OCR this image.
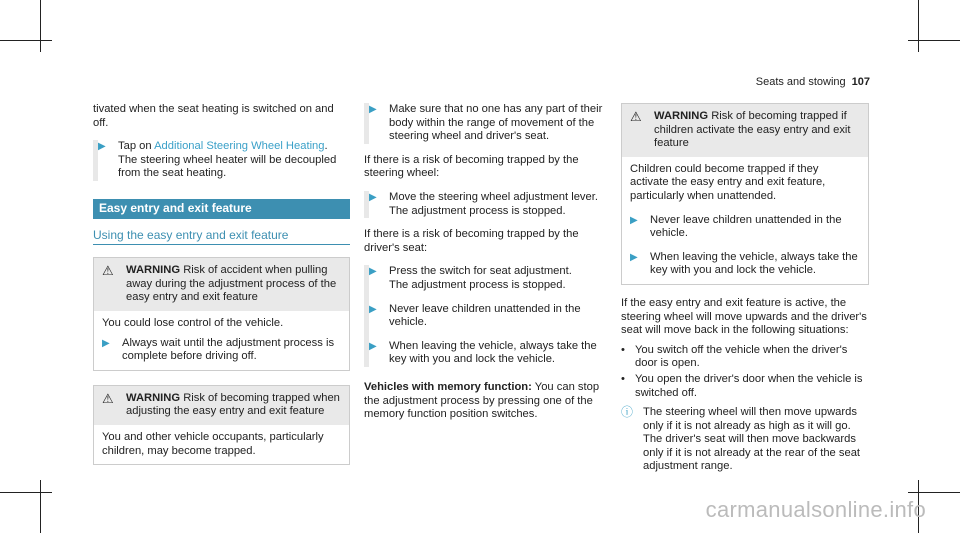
Seats and stowing 107

tivated when the seat heating is switched on and off.

▶	Tap on Additional Steering Wheel Heating.
The steering wheel heater will be decoupled from the seat heating.
Easy entry and exit feature
Using the easy entry and exit feature
⚠	WARNING Risk of accident when pulling away during the adjustment process of the easy entry and exit feature

You could lose control of the vehicle.

▶	Always wait until the adjustment process is complete before driving off.
⚠	WARNING Risk of becoming trapped when adjusting the easy entry and exit feature

You and other vehicle occupants, particularly children, may become trapped.

▶	Make sure that no one has any part of their body within the range of movement of the steering wheel and driver's seat.

If there is a risk of becoming trapped by the steering wheel:

▶	Move the steering wheel adjustment lever.
The adjustment process is stopped.

If there is a risk of becoming trapped by the driver's seat:

▶	Press the switch for seat adjustment.
The adjustment process is stopped.
▶	Never leave children unattended in the vehicle.
▶	When leaving the vehicle, always take the key with you and lock the vehicle.

Vehicles with memory function: You can stop the adjustment process by pressing one of the memory function position switches.

⚠	WARNING Risk of becoming trapped if children activate the easy entry and exit feature

Children could become trapped if they activate the easy entry and exit feature, particularly when unattended.

▶	Never leave children unattended in the vehicle.
▶	When leaving the vehicle, always take the key with you and lock the vehicle.

If the easy entry and exit feature is active, the steering wheel will move upwards and the driver's seat will move back in the following situations:

• You switch off the vehicle when the driver's door is open.
• You open the driver's door when the vehicle is switched off.
ⓘ The steering wheel will then move upwards only if it is not already as high as it will go. The driver's seat will then move backwards only if it is not already at the rear of the seat adjustment range.
carmanualsonline.info
